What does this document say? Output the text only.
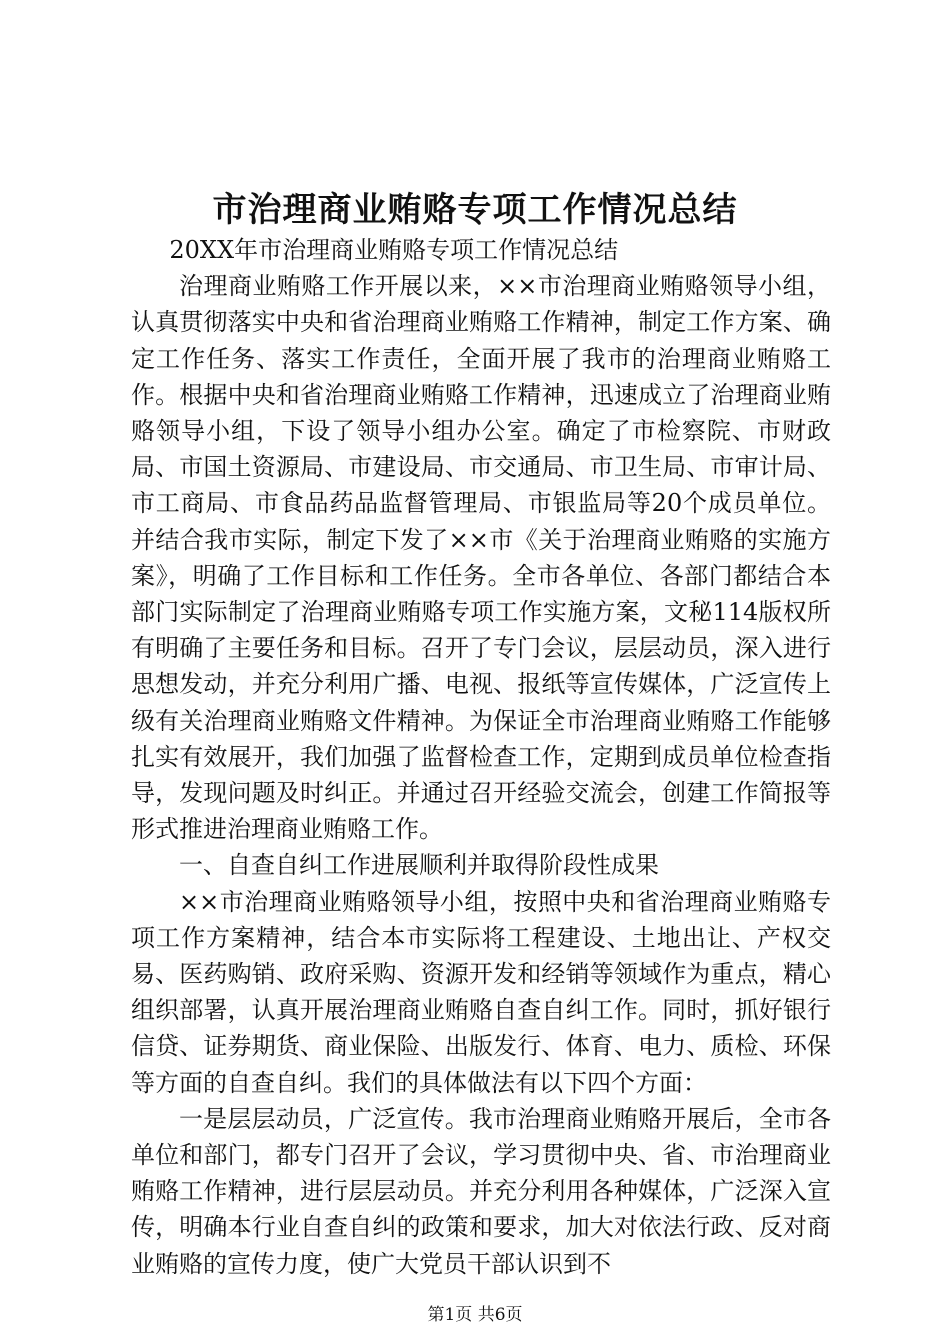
市治理商业贿赂专项工作情况总结

20XX年市治理商业贿赂专项工作情况总结

治理商业贿赂工作开展以来，××市治理商业贿赂领导小组，认真贯彻落实中央和省治理商业贿赂工作精神，制定工作方案、确定工作任务、落实工作责任，全面开展了我市的治理商业贿赂工作。根据中央和省治理商业贿赂工作精神，迅速成立了治理商业贿赂领导小组，下设了领导小组办公室。确定了市检察院、市财政局、市国土资源局、市建设局、市交通局、市卫生局、市审计局、市工商局、市食品药品监督管理局、市银监局等20个成员单位。并结合我市实际，制定下发了××市《关于治理商业贿赂的实施方案》，明确了工作目标和工作任务。全市各单位、各部门都结合本部门实际制定了治理商业贿赂专项工作实施方案，文秘114版权所有明确了主要任务和目标。召开了专门会议，层层动员，深入进行思想发动，并充分利用广播、电视、报纸等宣传媒体，广泛宣传上级有关治理商业贿赂文件精神。为保证全市治理商业贿赂工作能够扎实有效展开，我们加强了监督检查工作，定期到成员单位检查指导，发现问题及时纠正。并通过召开经验交流会，创建工作简报等形式推进治理商业贿赂工作。

一、自查自纠工作进展顺利并取得阶段性成果

××市治理商业贿赂领导小组，按照中央和省治理商业贿赂专项工作方案精神，结合本市实际将工程建设、土地出让、产权交易、医药购销、政府采购、资源开发和经销等领域作为重点，精心组织部署，认真开展治理商业贿赂自查自纠工作。同时，抓好银行信贷、证券期货、商业保险、出版发行、体育、电力、质检、环保等方面的自查自纠。我们的具体做法有以下四个方面：

一是层层动员，广泛宣传。我市治理商业贿赂开展后，全市各单位和部门，都专门召开了会议，学习贯彻中央、省、市治理商业贿赂工作精神，进行层层动员。并充分利用各种媒体，广泛深入宣传，明确本行业自查自纠的政策和要求，加大对依法行政、反对商业贿赂的宣传力度，使广大党员干部认识到不

第1页 共6页
